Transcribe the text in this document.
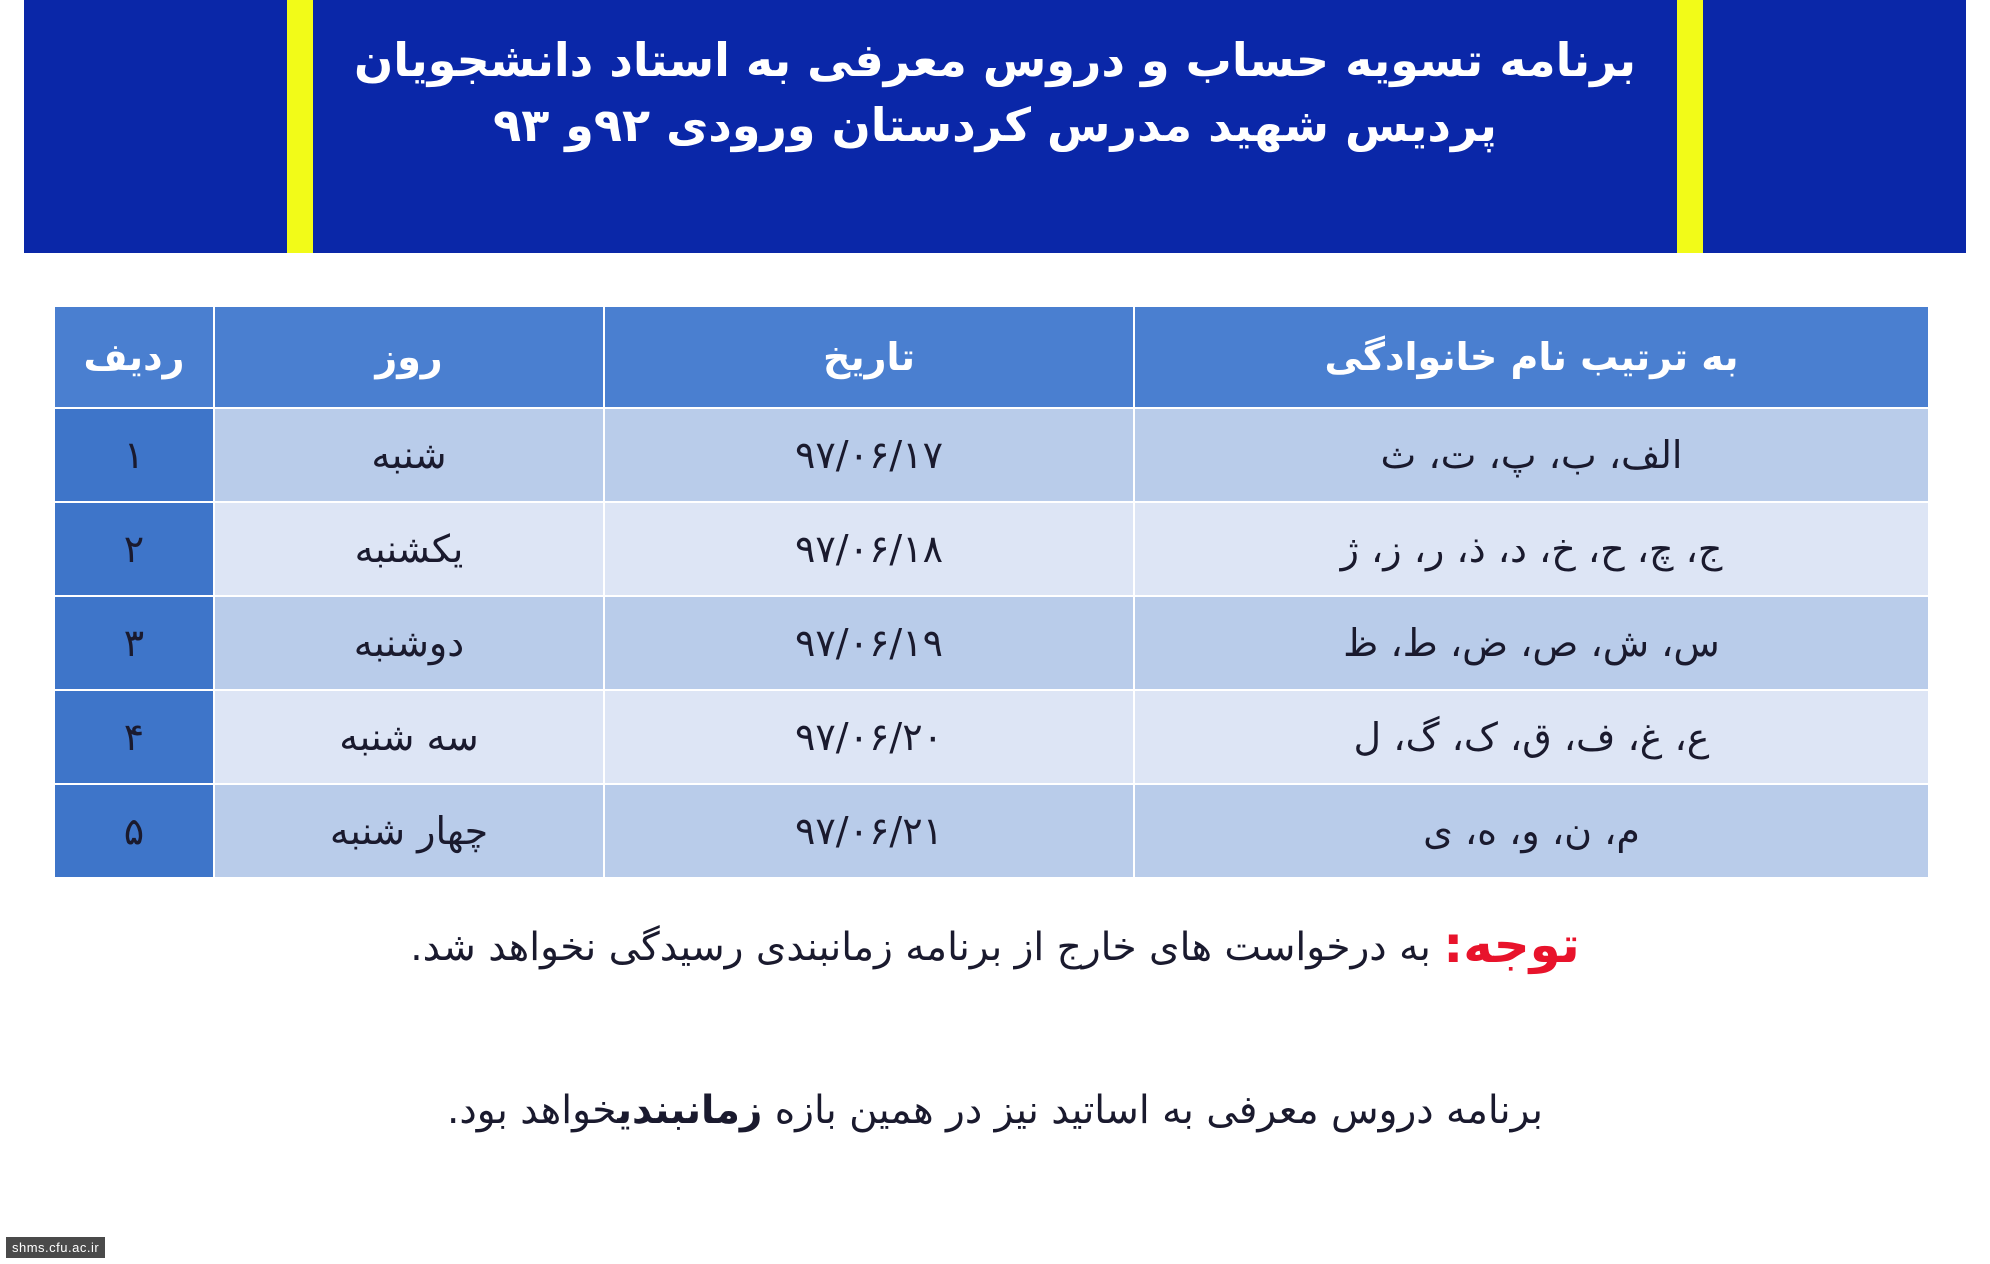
برنامه تسویه حساب و دروس معرفی به استاد دانشجویان
پردیس شهید مدرس کردستان ورودی ۹۲و ۹۳
به ترتیب نام خانوادگی	تاریخ	روز	ردیف
الف، ب، پ، ت، ث	۹۷/۰۶/۱۷	شنبه	۱
ج، چ، ح، خ، د، ذ، ر، ز، ژ	۹۷/۰۶/۱۸	یکشنبه	۲
س، ش، ص، ض، ط، ظ	۹۷/۰۶/۱۹	دوشنبه	۳
ع، غ، ف، ق، ک، گ، ل	۹۷/۰۶/۲۰	سه شنبه	۴
م، ن، و، ه، ی	۹۷/۰۶/۲۱	چهار شنبه	۵
توجه: به درخواست های خارج از برنامه زمانبندی رسیدگی نخواهد شد.
برنامه دروس معرفی به اساتید نیز در همین بازه زمانبندیخواهد بود.
shms.cfu.ac.ir
